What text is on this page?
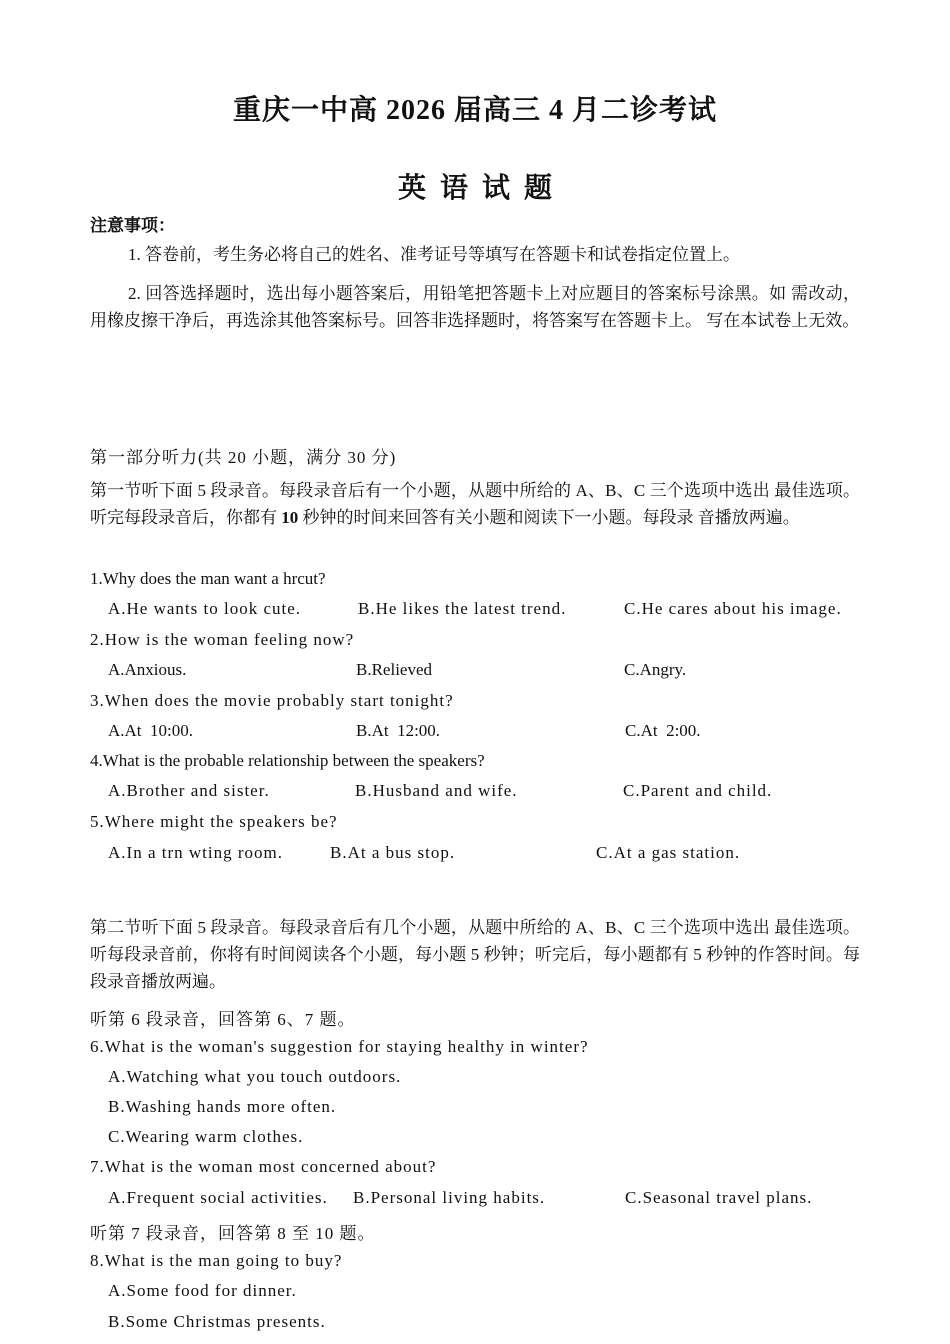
重庆一中高 2026 届高三 4 月二诊考试
英语试题
注意事项：
1. 答卷前，考生务必将自己的姓名、准考证号等填写在答题卡和试卷指定位置上。
2. 回答选择题时，选出每小题答案后，用铅笔把答题卡上对应题目的答案标号涂黑。如 需改动，用橡皮擦干净后，再选涂其他答案标号。回答非选择题时，将答案写在答题卡上。 写在本试卷上无效。
第一部分听力(共 20 小题，满分 30 分)
第一节听下面 5 段录音。每段录音后有一个小题，从题中所给的 A、B、C 三个选项中选出 最佳选项。听完每段录音后，你都有 10 秒钟的时间来回答有关小题和阅读下一小题。每段录 音播放两遍。
1.Why does the man want a hrcut?
A.He wants to look cute.	B.He likes the latest trend.	C.He cares about his image.
2.How is the woman feeling now?
A.Anxious.	B.Relieved	C.Angry.
3.When does the movie probably start tonight?
A.At  10:00.	B.At  12:00.	C.At  2:00.
4.What is the probable relationship between the speakers?
A.Brother and sister.	B.Husband and wife.	C.Parent and child.
5.Where might the speakers be?
A.In a trn wting room.	B.At a bus stop.	C.At a gas station.
第二节听下面 5 段录音。每段录音后有几个小题，从题中所给的 A、B、C 三个选项中选出 最佳选项。听每段录音前，你将有时间阅读各个小题，每小题 5 秒钟；听完后，每小题都有 5 秒钟的作答时间。每段录音播放两遍。
听第 6 段录音，回答第 6、7 题。
6.What is the woman's suggestion for staying healthy in winter?
A.Watching what you touch outdoors.
B.Washing hands more often.
C.Wearing warm clothes.
7.What is the woman most concerned about?
A.Frequent social activities. B.Personal living habits.	C.Seasonal travel plans.
听第 7 段录音，回答第 8 至 10 题。
8.What is the man going to buy?
A.Some food for dinner.
B.Some Christmas presents.
